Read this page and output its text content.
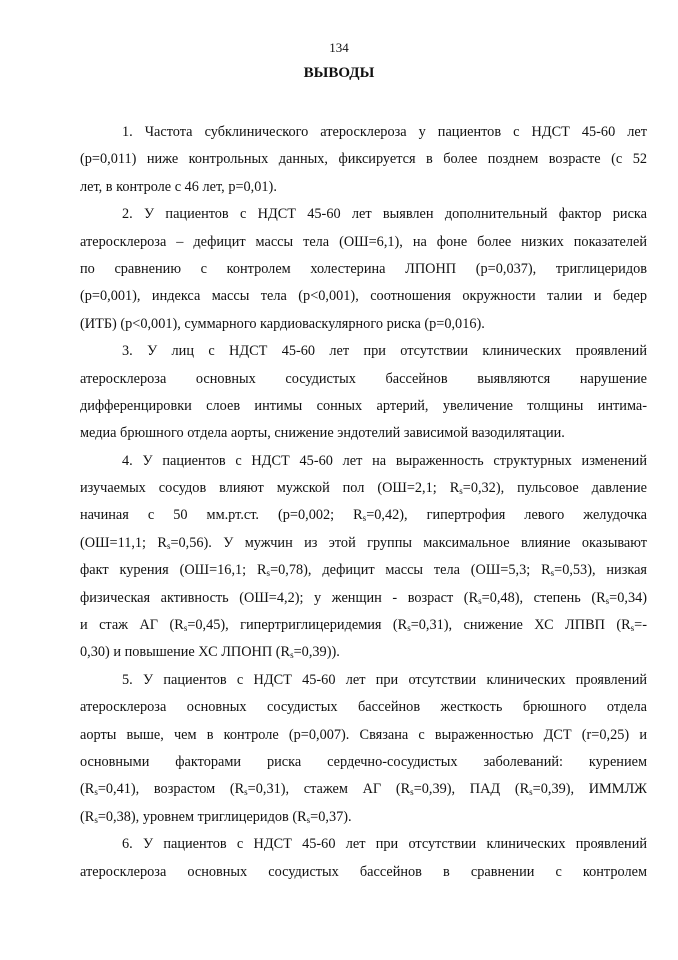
134
ВЫВОДЫ
1. Частота субклинического атеросклероза у пациентов с НДСТ 45-60 лет
(p=0,011) ниже контрольных данных, фиксируется в более позднем возрасте (с 52
лет, в контроле с 46 лет, p=0,01).
2. У пациентов с НДСТ 45-60 лет выявлен дополнительный фактор риска
атеросклероза – дефицит массы тела (ОШ=6,1), на фоне более низких показателей
по сравнению с контролем холестерина ЛПОНП (p=0,037), триглицеридов
(p=0,001), индекса массы тела (p<0,001), соотношения окружности талии и бедер
(ИТБ) (p<0,001), суммарного кардиоваскулярного риска (p=0,016).
3. У лиц с НДСТ 45-60 лет при отсутствии клинических проявлений
атеросклероза основных сосудистых бассейнов выявляются нарушение
дифференцировки слоев интимы сонных артерий, увеличение толщины интима-
медиа брюшного отдела аорты, снижение эндотелий зависимой вазодилятации.
4. У пациентов с НДСТ 45-60 лет на выраженность структурных изменений
изучаемых сосудов влияют мужской пол (ОШ=2,1; $R_s=0,32$), пульсовое давление
начиная с 50 мм.рт.ст. (p=0,002; $R_s=0,42$), гипертрофия левого желудочка
(ОШ=11,1; $R_s=0,56$). У мужчин из этой группы максимальное влияние оказывают
факт курения (ОШ=16,1; $R_s=0,78$), дефицит массы тела (ОШ=5,3; $R_s=0,53$), низкая
физическая активность (ОШ=4,2); у женщин - возраст $(R_s=0,48)$, степень $(R_s=0,34)$
и стаж АГ $(R_s=0,45)$, гипертриглицеридемия $(R_s=0,31)$, снижение ХС ЛПВП ($R_s=-$
0,30) и повышение ХС ЛПОНП $(R_s=0,39)$).
5. У пациентов с НДСТ 45-60 лет при отсутствии клинических проявлений
атеросклероза основных сосудистых бассейнов жесткость брюшного отдела
аорты выше, чем в контроле (p=0,007). Связана с выраженностью ДСТ (r=0,25) и
основными факторами риска сердечно-сосудистых заболеваний: курением
$(R_s=0,41)$, возрастом $(R_s=0,31)$, стажем АГ $(R_s=0,39)$, ПАД $(R_s=0,39)$, ИММЛЖ
$(R_s=0,38)$, уровнем триглицеридов $(R_s=0,37)$.
6. У пациентов с НДСТ 45-60 лет при отсутствии клинических проявлений
атеросклероза основных сосудистых бассейнов в сравнении с контролем
